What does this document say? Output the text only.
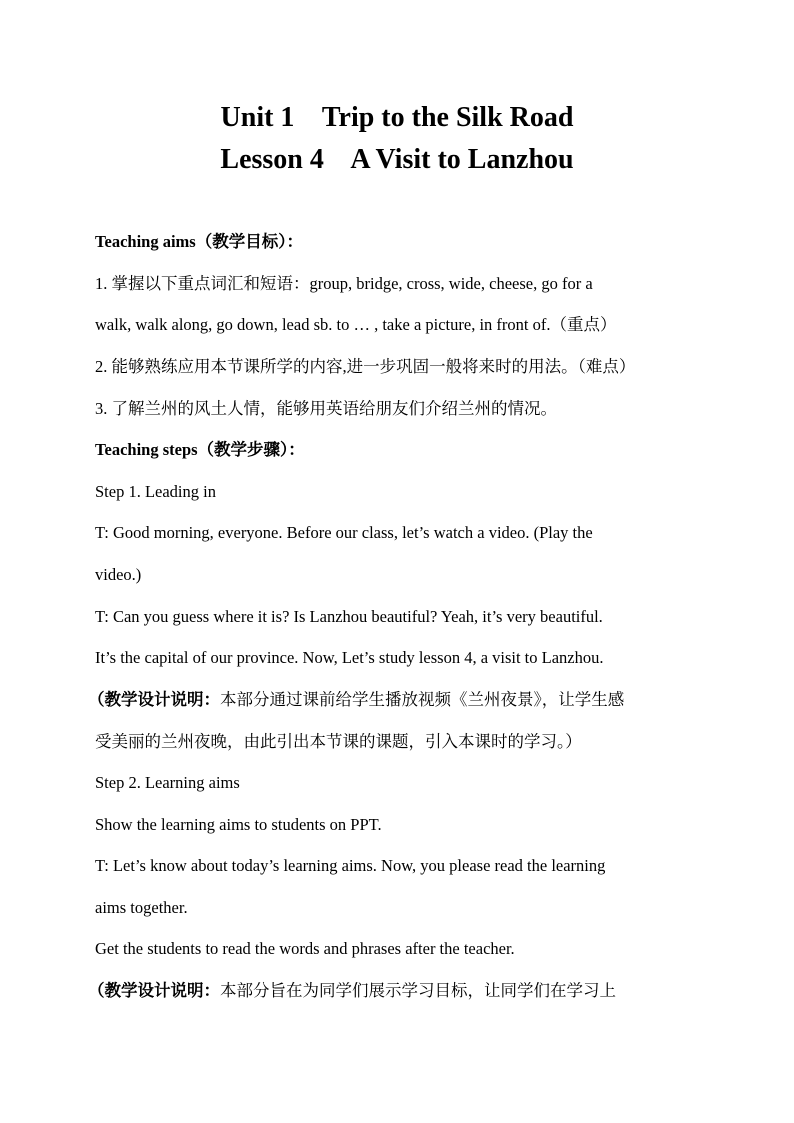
Unit 1    Trip to the Silk Road
Lesson 4    A Visit to Lanzhou
Teaching aims（教学目标）：
1. 掌握以下重点词汇和短语：group, bridge, cross, wide, cheese, go for a
walk, walk along, go down, lead sb. to … , take a picture, in front of.（重点）
2. 能够熟练应用本节课所学的内容,进一步巩固一般将来时的用法。（难点）
3. 了解兰州的风土人情，能够用英语给朋友们介绍兰州的情况。
Teaching steps（教学步骤）：
Step 1. Leading in
T: Good morning, everyone. Before our class, let’s watch a video. (Play the
video.)
T: Can you guess where it is? Is Lanzhou beautiful? Yeah, it’s very beautiful.
It’s the capital of our province. Now, Let’s study lesson 4, a visit to Lanzhou.
（教学设计说明：本部分通过课前给学生播放视频《兰州夜景》，让学生感
受美丽的兰州夜晚，由此引出本节课的课题，引入本课时的学习。）
Step 2. Learning aims
Show the learning aims to students on PPT.
T: Let’s know about today’s learning aims. Now, you please read the learning
aims together.
Get the students to read the words and phrases after the teacher.
（教学设计说明：本部分旨在为同学们展示学习目标，让同学们在学习上
